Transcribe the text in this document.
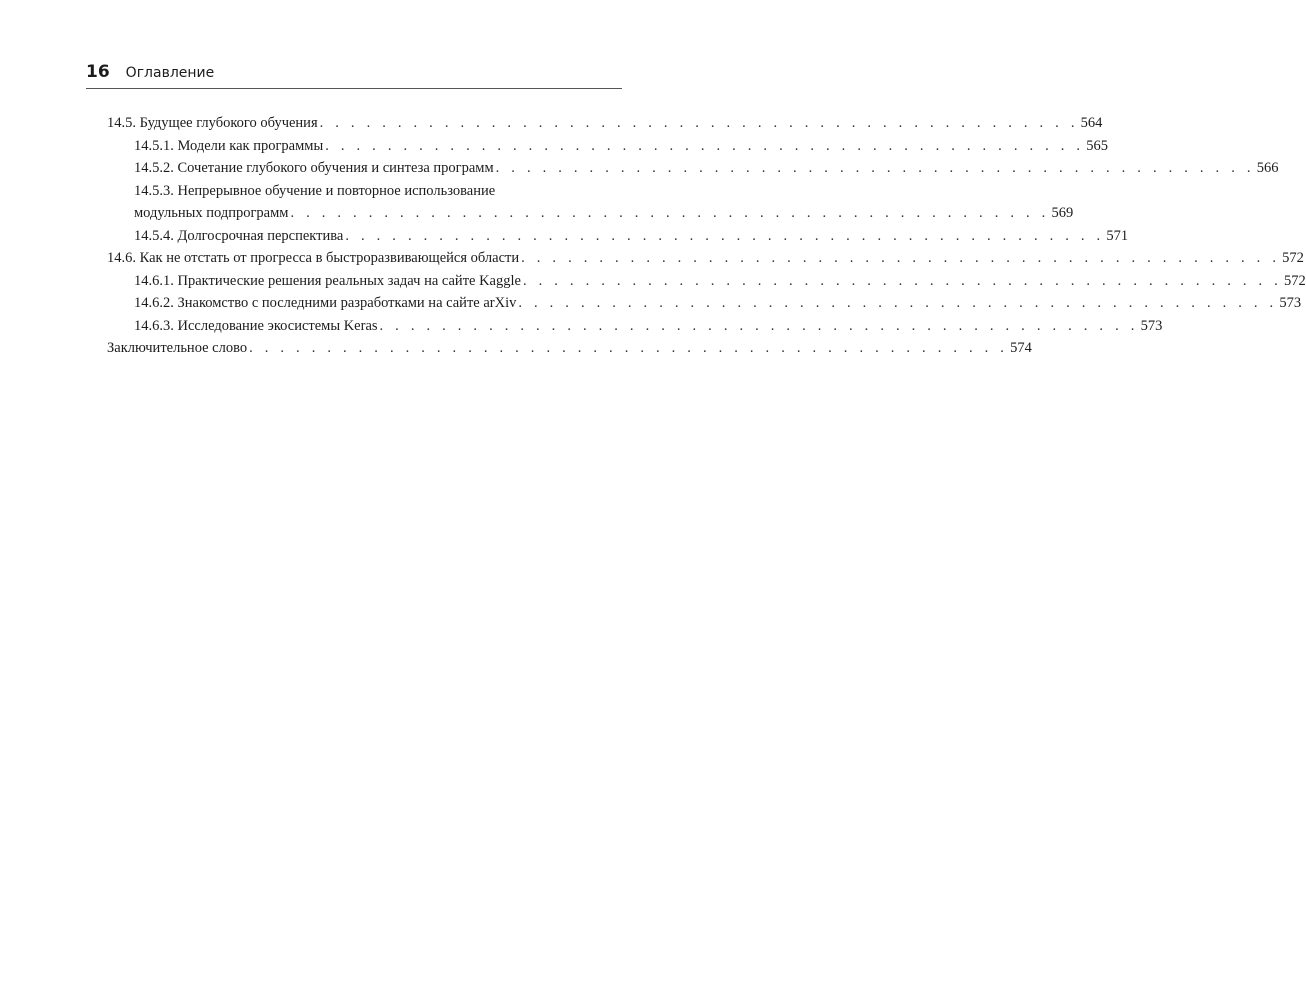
16 Оглавление
14.5. Будущее глубокого обучения . . . . . . . . . . . . . . . . . . . . . . . . . . . . . . . . . . . . . . . . . . . . . . . . . 564
14.5.1. Модели как программы . . . . . . . . . . . . . . . . . . . . . . . . . . . . . . . . . . . . . . . . . . . . . . . . . 565
14.5.2. Сочетание глубокого обучения и синтеза программ . . . . . . . . . . . . . . . . . . . . . . . . . . . . . . . . . . . . . . . . . . . . . . . . . 566
14.5.3. Непрерывное обучение и повторное использование
модульных подпрограмм . . . . . . . . . . . . . . . . . . . . . . . . . . . . . . . . . . . . . . . . . . . . . . . . . 569
14.5.4. Долгосрочная перспектива . . . . . . . . . . . . . . . . . . . . . . . . . . . . . . . . . . . . . . . . . . . . . . . . . 571
14.6. Как не отстать от прогресса в быстроразвивающейся области . . . . . . . . . . . . . . . . . . . . . . . . . . . . . . . . . . . . . . . . . . . . . . . . . 572
14.6.1. Практические решения реальных задач на сайте Kaggle . . . . . . . . . . . . . . . . . . . . . . . . . . . . . . . . . . . . . . . . . . . . . . . . . 572
14.6.2. Знакомство с последними разработками на сайте arXiv . . . . . . . . . . . . . . . . . . . . . . . . . . . . . . . . . . . . . . . . . . . . . . . . . 573
14.6.3. Исследование экосистемы Keras . . . . . . . . . . . . . . . . . . . . . . . . . . . . . . . . . . . . . . . . . . . . . . . . . 573
Заключительное слово . . . . . . . . . . . . . . . . . . . . . . . . . . . . . . . . . . . . . . . . . . . . . . . . . 574
